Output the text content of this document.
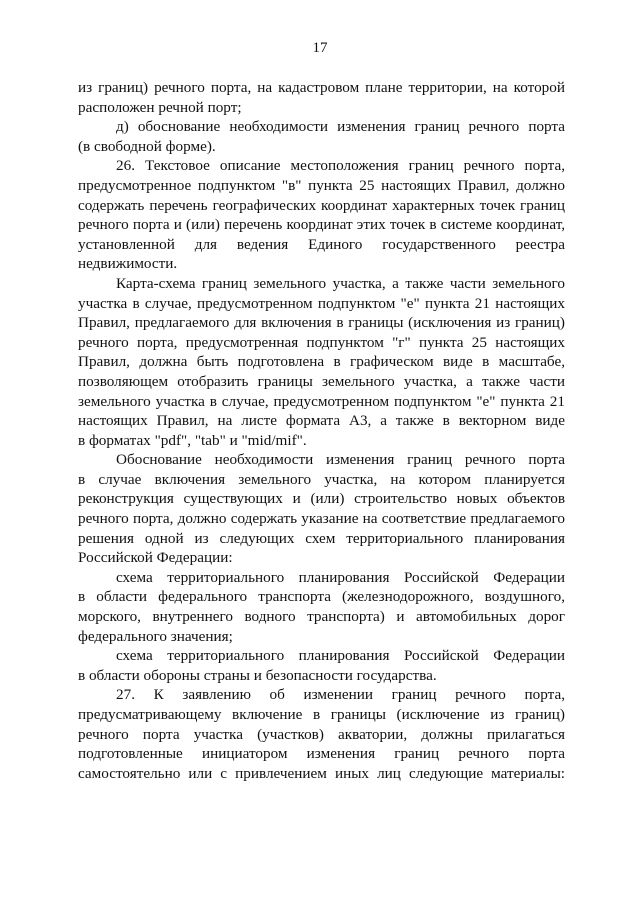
17
из границ) речного порта, на кадастровом плане территории, на которой
расположен речной порт;
д) обоснование необходимости изменения границ речного порта
(в свободной форме).
26. Текстовое описание местоположения границ речного порта,
предусмотренное подпунктом "в" пункта 25 настоящих Правил, должно
содержать перечень географических координат характерных точек границ
речного порта и (или) перечень координат этих точек в системе координат,
установленной для ведения Единого государственного реестра
недвижимости.
Карта-схема границ земельного участка, а также части земельного
участка в случае, предусмотренном подпунктом "е" пункта 21 настоящих
Правил, предлагаемого для включения в границы (исключения из границ)
речного порта, предусмотренная подпунктом "г" пункта 25 настоящих
Правил, должна быть подготовлена в графическом виде в масштабе,
позволяющем отобразить границы земельного участка, а также части
земельного участка в случае, предусмотренном подпунктом "е" пункта 21
настоящих Правил, на листе формата А3, а также в векторном виде
в форматах "pdf", "tab" и "mid/mif".
Обоснование необходимости изменения границ речного порта
в случае включения земельного участка, на котором планируется
реконструкция существующих и (или) строительство новых объектов
речного порта, должно содержать указание на соответствие предлагаемого
решения одной из следующих схем территориального планирования
Российской Федерации:
схема территориального планирования Российской Федерации
в области федерального транспорта (железнодорожного, воздушного,
морского, внутреннего водного транспорта) и автомобильных дорог
федерального значения;
схема территориального планирования Российской Федерации
в области обороны страны и безопасности государства.
27. К заявлению об изменении границ речного порта,
предусматривающему включение в границы (исключение из границ)
речного порта участка (участков) акватории, должны прилагаться
подготовленные инициатором изменения границ речного порта
самостоятельно или с привлечением иных лиц следующие материалы:
